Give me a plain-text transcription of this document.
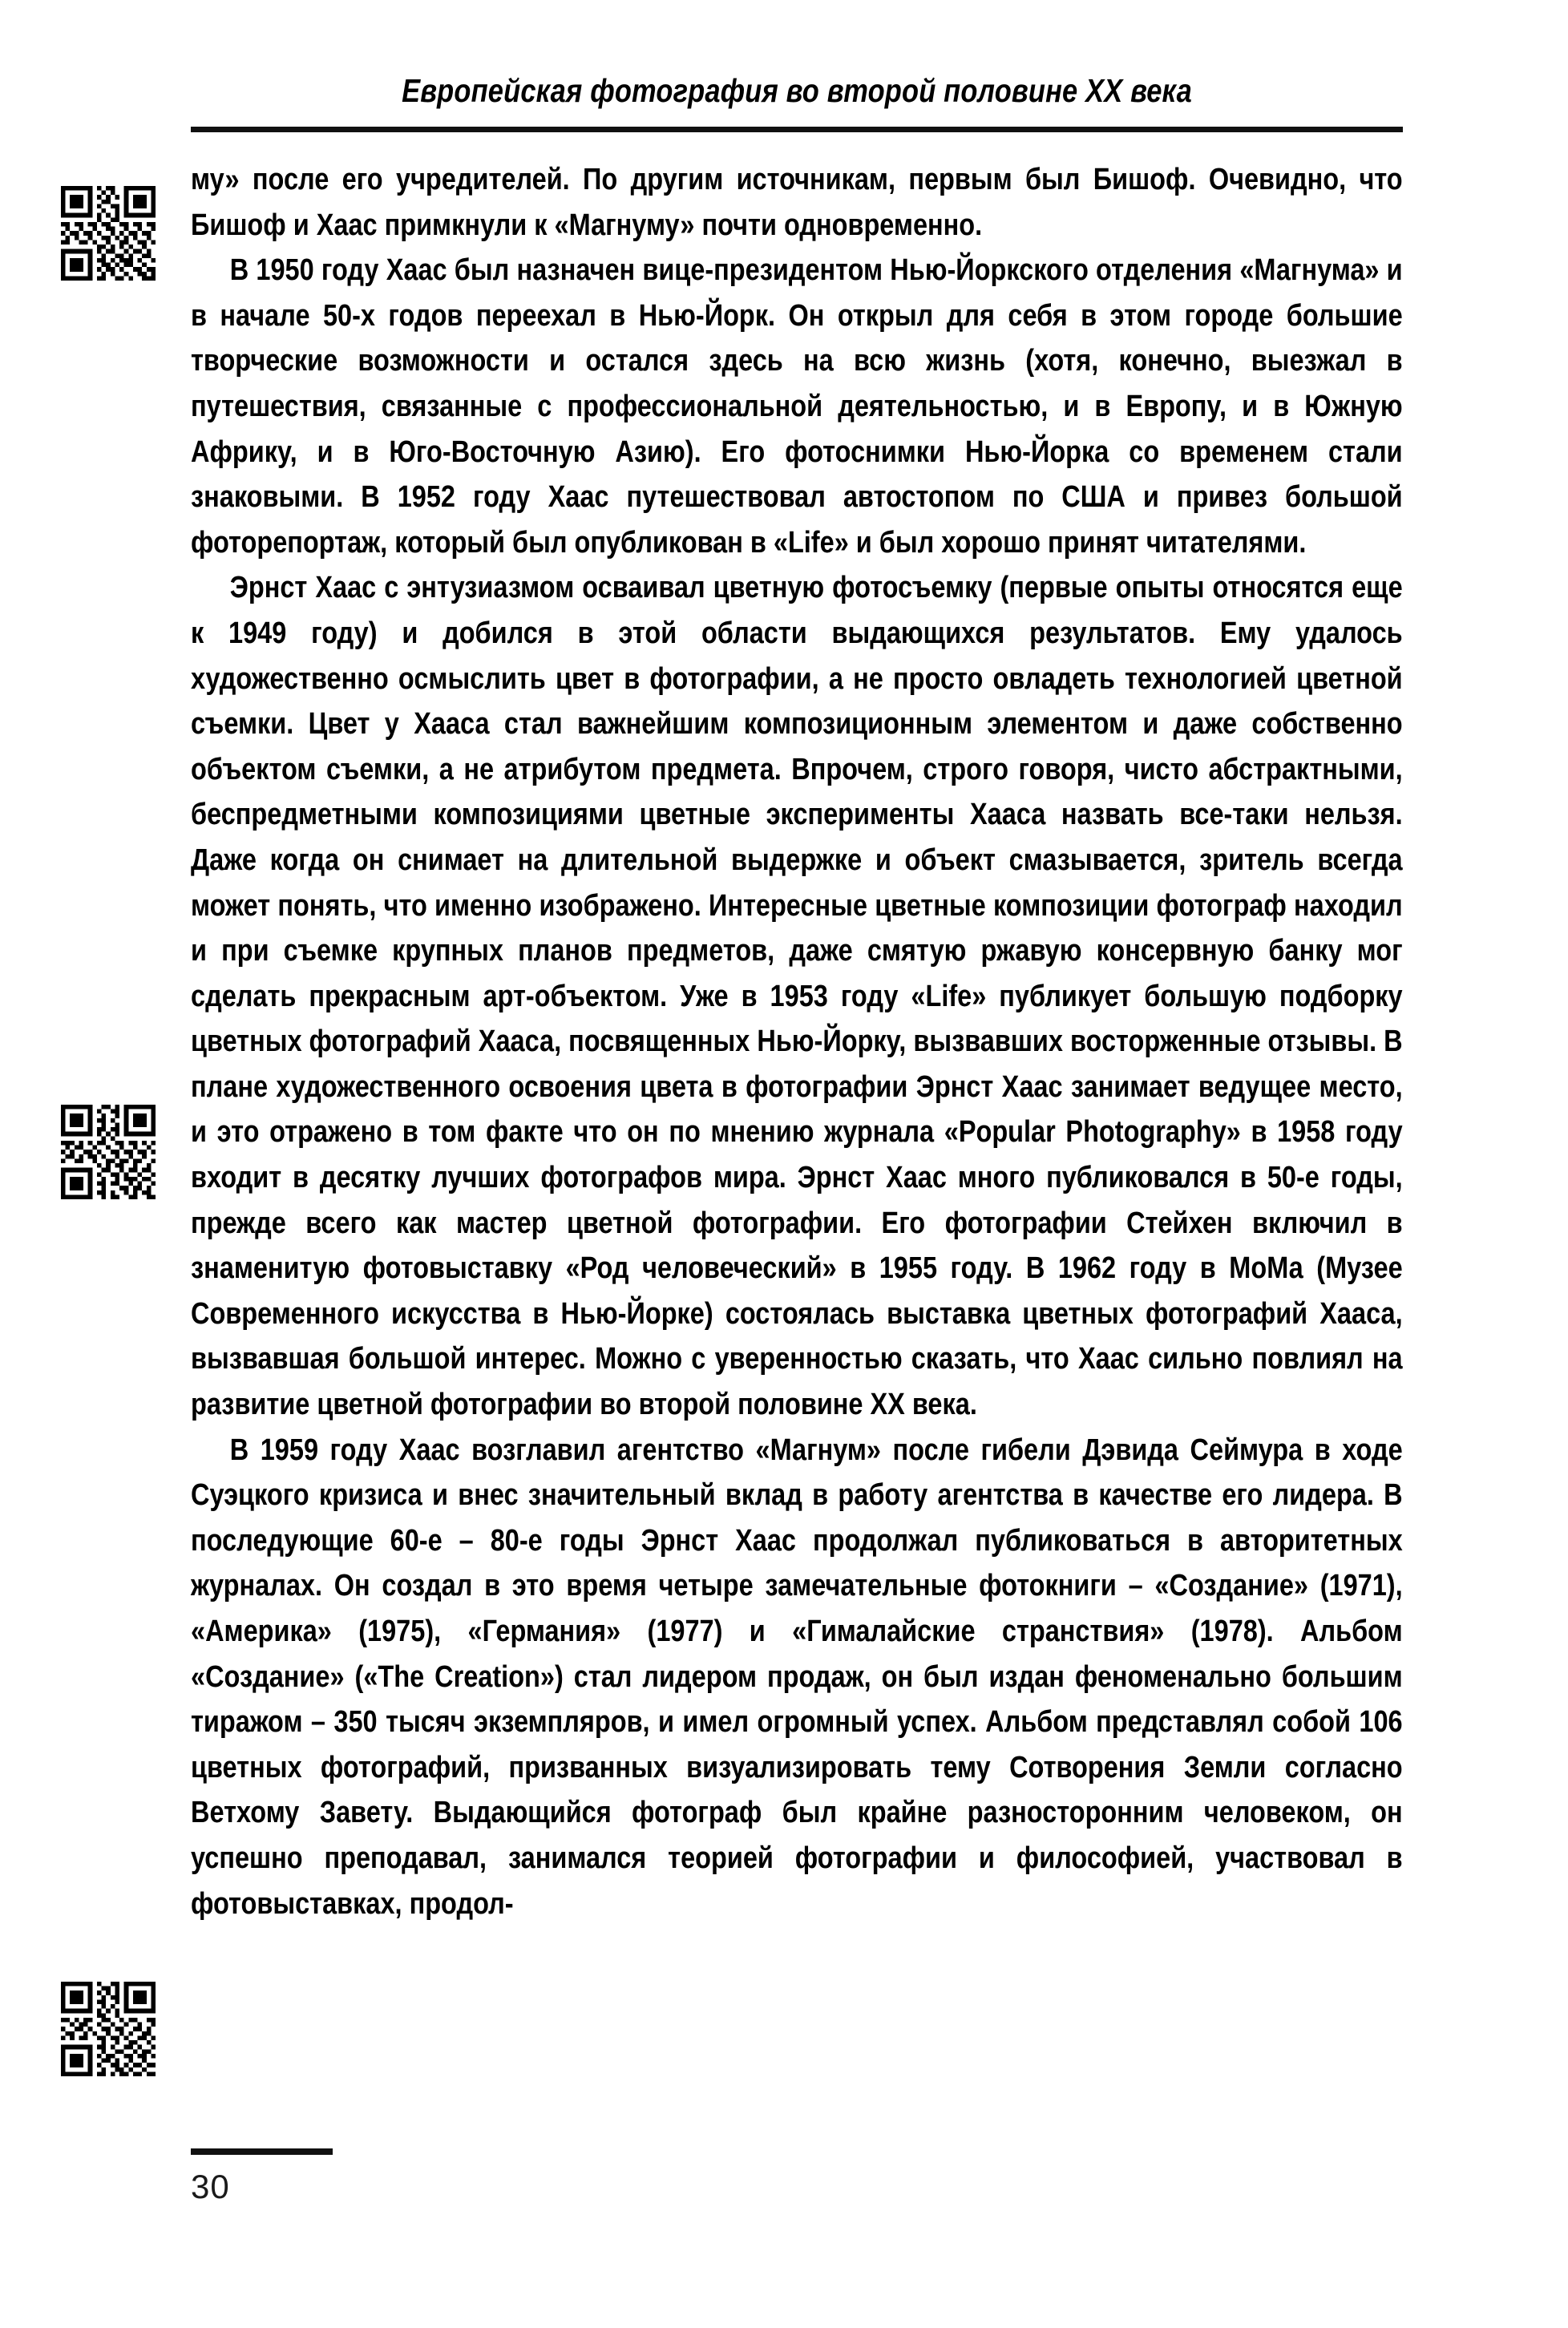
Европейская фотография во второй половине XX века

му» после его учредителей. По другим источникам, первым был Бишоф. Очевидно, что Бишоф и Хаас примкнули к «Магнуму» почти одновременно.

В 1950 году Хаас был назначен вице-президентом Нью-Йоркского отделения «Магнума» и в начале 50-х годов переехал в Нью-Йорк. Он открыл для себя в этом городе большие творческие возможности и остался здесь на всю жизнь (хотя, конечно, выезжал в путешествия, связанные с профессиональной деятельностью, и в Европу, и в Южную Африку, и в Юго-Восточную Азию). Его фотоснимки Нью-Йорка со временем стали знаковыми. В 1952 году Хаас путешествовал автостопом по США и привез большой фоторепортаж, который был опубликован в «Life» и был хорошо принят читателями.

Эрнст Хаас с энтузиазмом осваивал цветную фотосъемку (первые опыты относятся еще к 1949 году) и добился в этой области выдающихся результатов. Ему удалось художественно осмыслить цвет в фотографии, а не просто овладеть технологией цветной съемки. Цвет у Хааса стал важнейшим композиционным элементом и даже собственно объектом съемки, а не атрибутом предмета. Впрочем, строго говоря, чисто абстрактными, беспредметными композициями цветные эксперименты Хааса назвать все-таки нельзя. Даже когда он снимает на длительной выдержке и объект смазывается, зритель всегда может понять, что именно изображено. Интересные цветные композиции фотограф находил и при съемке крупных планов предметов, даже смятую ржавую консервную банку мог сделать прекрасным арт-объектом. Уже в 1953 году «Life» публикует большую подборку цветных фотографий Хааса, посвященных Нью-Йорку, вызвавших восторженные отзывы. В плане художественного освоения цвета в фотографии Эрнст Хаас занимает ведущее место, и это отражено в том факте что он по мнению журнала «Popular Photography» в 1958 году входит в десятку лучших фотографов мира. Эрнст Хаас много публиковался в 50-е годы, прежде всего как мастер цветной фотографии. Его фотографии Стейхен включил в знаменитую фотовыставку «Род человеческий» в 1955 году. В 1962 году в МоМа (Музее Современного искусства в Нью-Йорке) состоялась выставка цветных фотографий Хааса, вызвавшая большой интерес. Можно с уверенностью сказать, что Хаас сильно повлиял на развитие цветной фотографии во второй половине XX века.

В 1959 году Хаас возглавил агентство «Магнум» после гибели Дэвида Сеймура в ходе Суэцкого кризиса и внес значительный вклад в работу агентства в качестве его лидера. В последующие 60-е – 80-е годы Эрнст Хаас продолжал публиковаться в авторитетных журналах. Он создал в это время четыре замечательные фотокниги – «Создание» (1971), «Америка» (1975), «Германия» (1977) и «Гималайские странствия» (1978). Альбом «Создание» («The Creation») стал лидером продаж, он был издан феноменально большим тиражом – 350 тысяч экземпляров, и имел огромный успех. Альбом представлял собой 106 цветных фотографий, призванных визуализировать тему Сотворения Земли согласно Ветхому Завету. Выдающийся фотограф был крайне разносторонним человеком, он успешно преподавал, занимался теорией фотографии и философией, участвовал в фотовыставках, продол-

30
